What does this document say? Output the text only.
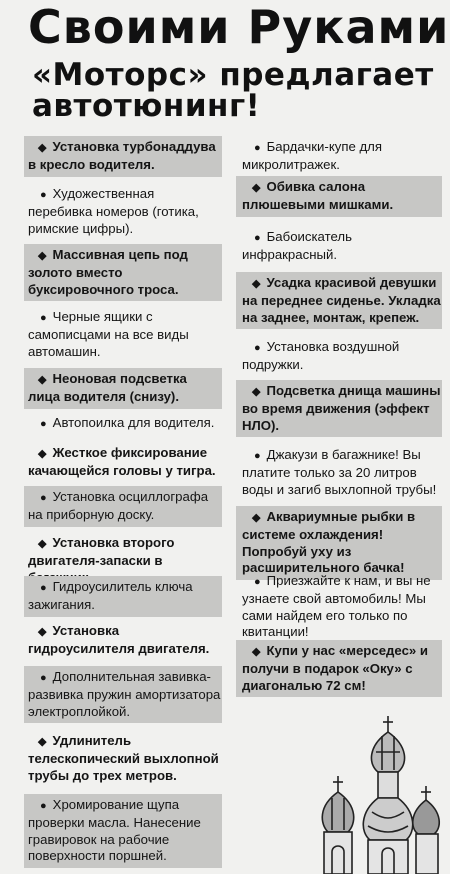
Своими Руками
«Моторс» предлагает автотюнинг!
◆ Установка турбонаддува в кресло водителя.
● Художественная перебивка номеров (готика, римские цифры).
◆ Массивная цепь под золото вместо буксировочного троса.
● Черные ящики с самописцами на все виды автомашин.
◆ Неоновая подсветка лица водителя (снизу).
● Автопоилка для водителя.
◆ Жесткое фиксирование качающейся головы у тигра.
● Установка осциллографа на приборную доску.
◆ Установка второго двигателя-запаски в
● Гидроусилитель ключа зажигания.
◆ Установка гидроусилителя двигателя.
● Дополнительная завивка-развивка пружин амортизатора электроплойкой.
◆ Удлинитель телескопический выхлопной трубы до трех метров.
● Хромирование щупа проверки масла. Нанесение гравировок на рабочие поверхности поршней.
● Бардачки-купе для микролитражек.
◆ Обивка салона плюшевыми мишками.
● Бабоискатель инфракрасный.
◆ Усадка красивой девушки на переднее сиденье. Укладка на заднее, монтаж, крепеж.
● Установка воздушной подружки.
◆ Подсветка днища машины во время движения (эффект НЛО).
● Джакузи в багажнике! Вы платите только за 20 литров воды и загиб выхлопной трубы!
◆ Аквариумные рыбки в системе охлаждения! Попробуй уху из расширительного бачка!
● Приезжайте к нам, и вы не узнаете свой автомобиль! Мы сами найдем его только по квитанции!
◆ Купи у нас «мерседес» и получи в подарок «Оку» с диагональю 72 см!
